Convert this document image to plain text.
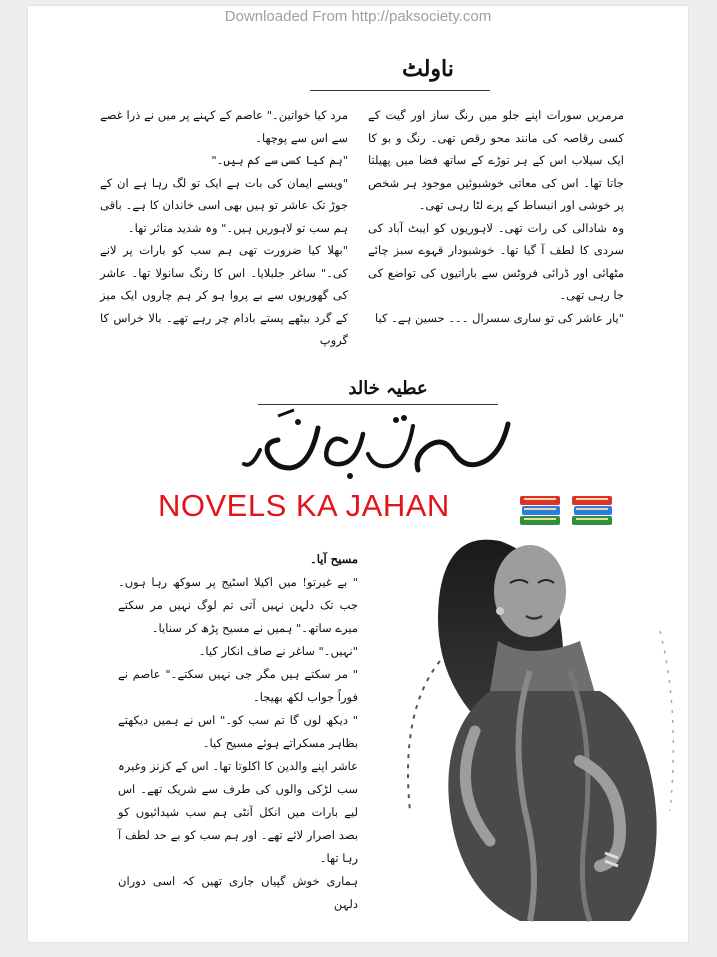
Downloaded From http://paksociety.com
ناولٹ

مرمریں سورات اپنے جلو میں رنگ ساز اور گیت کے کسی رقاصہ کی مانند محو رقص تھی۔ رنگ و بو کا ایک سیلاب اس کے ہر توڑے کے ساتھ فضا میں پھیلتا جاتا تھا۔ اس کی معاتی خوشبوئیں موجود ہر شخص پر خوشی اور انبساط کے پرے لٹا رہی تھی۔

وہ شادالی کی رات تھی۔ لاہوریوں کو ایبٹ آباد کی سردی کا لطف آ گیا تھا۔ خوشبودار قہوے سبز چائے مٹھائی اور ڈرائی فروٹس سے باراتیوں کی تواضع کی جا رہی تھی۔

"یار عاشر کی تو ساری سسرال ۔۔۔ حسین ہے۔ کیا

مرد کیا خواتین۔" عاصم کے کہنے پر میں نے ذرا غصے سے اس سے پوچھا۔

"ہم کیا کسی سے کم ہیں۔"

"ویسے ایمان کی بات ہے ایک تو لگ رہا ہے ان کے جوڑ تک عاشر تو ہیں بھی اسی خاندان کا ہے۔ باقی ہم سب تو لاہوریں ہیں۔" وہ شدید متاثر تھا۔

"بھلا کیا ضرورت تھی ہم سب کو بارات پر لانے کی۔" ساغر جلبلایا۔ اس کا رنگ سانولا تھا۔ عاشر کی گھوریوں سے بے پروا ہو کر ہم چاروں ایک میز کے گرد بیٹھے پستے بادام چر رہے تھے۔ بالا خراس کا گروپ

عطیہ خالد
NOVELS KA JAHAN

مسیح آیا۔

" بے غیرتو! میں اکیلا اسٹیج پر سوکھ رہا ہوں۔ جب تک دلہن نہیں آتی تم لوگ نہیں مر سکتے میرے ساتھ۔" ہمیں نے مسیح پڑھ کر سنایا۔

"نہیں۔" ساغر نے صاف انکار کیا۔

" مر سکتے ہیں مگر جی نہیں سکتے۔" عاصم نے فوراً جواب لکھ بھیجا۔

" دیکھ لوں گا تم سب کو۔" اس نے ہمیں دیکھتے بظاہر مسکراتے ہوئے مسیح کیا۔

عاشر اپنے والدین کا اکلوتا تھا۔ اس کے کزنز وغیرہ سب لڑکی والوں کی طرف سے شریک تھے۔ اس لیے بارات میں انکل آنٹی ہم سب شیدائیوں کو بصد اصرار لائے تھے۔ اور ہم سب کو بے حد لطف آ رہا تھا۔

ہماری خوش گپیاں جاری تھیں کہ اسی دوران دلہن
